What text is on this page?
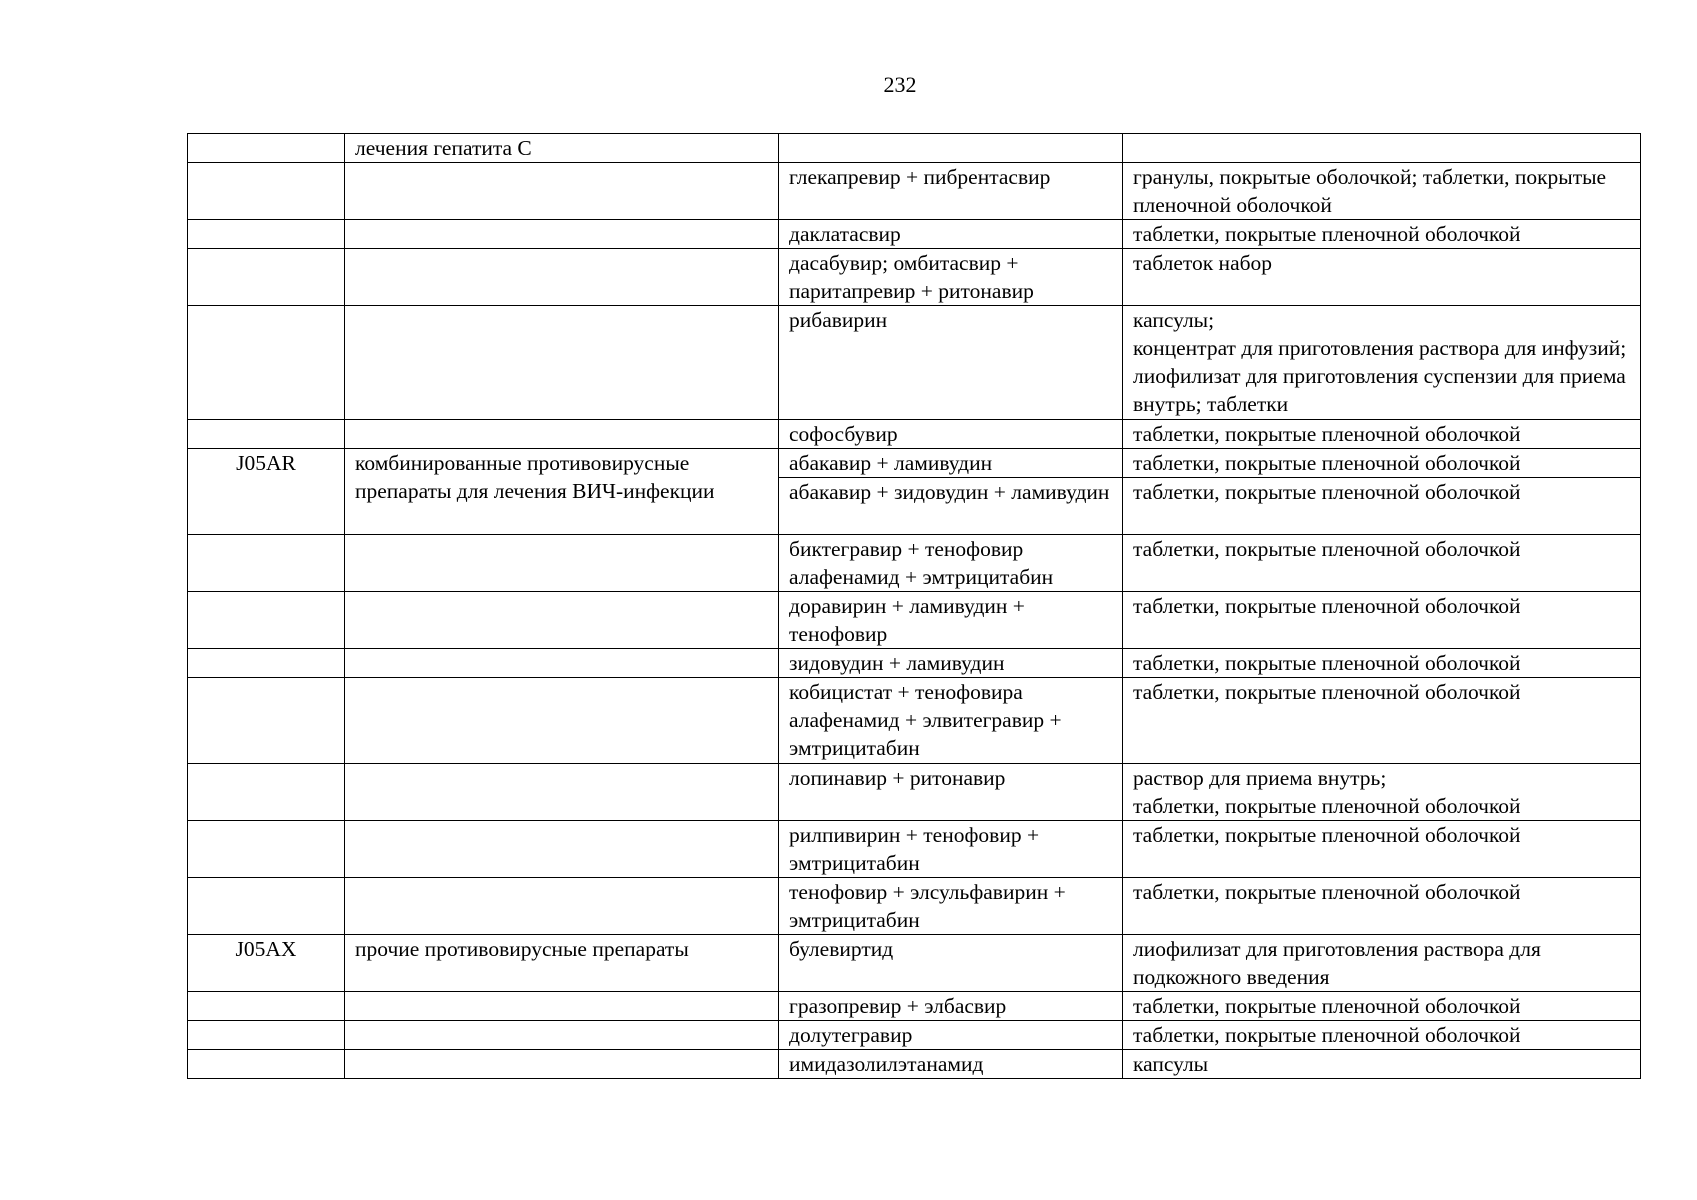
232
	лечения гепатита С		

		глекапревир + пибрентасвир	гранулы, покрытые оболочкой; таблетки, покрытые пленочной оболочкой

		даклатасвир	таблетки, покрытые пленочной оболочкой

		дасабувир; омбитасвир + паритапревир + ритонавир	таблеток набор

		рибавирин	капсулы;
концентрат для приготовления раствора для инфузий; лиофилизат для приготовления суспензии для приема внутрь; таблетки

		софосбувир	таблетки, покрытые пленочной оболочкой

J05AR	комбинированные противовирусные препараты для лечения ВИЧ-инфекции	абакавир + ламивудин	таблетки, покрытые пленочной оболочкой

		абакавир + зидовудин + ламивудин	таблетки, покрытые пленочной оболочкой

		биктегравир + тенофовир алафенамид + эмтрицитабин	таблетки, покрытые пленочной оболочкой

		доравирин + ламивудин + тенофовир	таблетки, покрытые пленочной оболочкой

		зидовудин + ламивудин	таблетки, покрытые пленочной оболочкой

		кобицистат + тенофовира алафенамид + элвитегравир + эмтрицитабин	таблетки, покрытые пленочной оболочкой

		лопинавир + ритонавир	раствор для приема внутрь;
таблетки, покрытые пленочной оболочкой

		рилпивирин + тенофовир + эмтрицитабин	таблетки, покрытые пленочной оболочкой

		тенофовир + элсульфавирин + эмтрицитабин	таблетки, покрытые пленочной оболочкой

J05AX	прочие противовирусные препараты	булевиртид	лиофилизат для приготовления раствора для подкожного введения

		гразопревир + элбасвир	таблетки, покрытые пленочной оболочкой

		долутегравир	таблетки, покрытые пленочной оболочкой

		имидазолилэтанамид	капсулы
